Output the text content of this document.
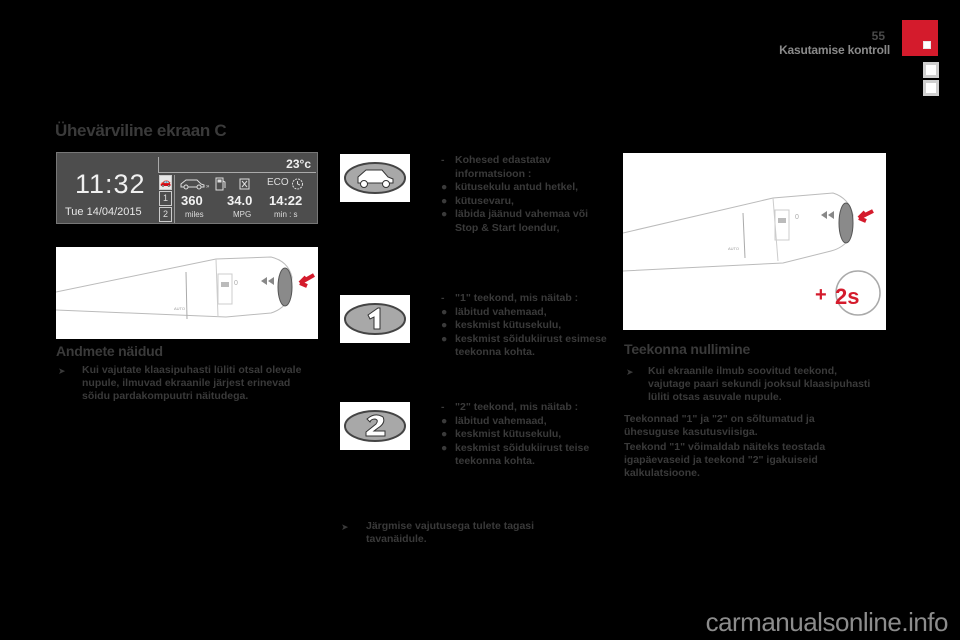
55
Kasutamise kontroll
Ühevärviline ekraan C
11:32
Tue 14/04/2015
23°c
🚗
1
2
»	ECO
360
miles
34.0
MPG
14:22
min : s
AUTO
0
Andmete näidud
➤ Kui vajutate klaasipuhasti lüliti otsal olevale nupule, ilmuvad ekraanile järjest erinevad sõidu pardakompuutri näitudega.
- Kohesed edastatav informatsioon :
● kütusekulu antud hetkel,
● kütusevaru,
● läbida jäänud vahemaa või Stop & Start loendur,
- "1" teekond, mis näitab :
● läbitud vahemaad,
● keskmist kütusekulu,
● keskmist sõidukiirust esimese teekonna kohta.
- "2" teekond, mis näitab :
● läbitud vahemaad,
● keskmist kütusekulu,
● keskmist sõidukiirust teise teekonna kohta.
➤ Järgmise vajutusega tulete tagasi tavanäidule.
AUTO
0
+ 2s
Teekonna nullimine
➤ Kui ekraanile ilmub soovitud teekond, vajutage paari sekundi jooksul klaasipuhasti lüliti otsas asuvale nupule.
Teekonnad "1" ja "2" on sõltumatud ja ühesuguse kasutusviisiga.
Teekond "1" võimaldab näiteks teostada igapäevaseid ja teekond "2" igakuiseid kalkulatsioone.
carmanualsonline.info
